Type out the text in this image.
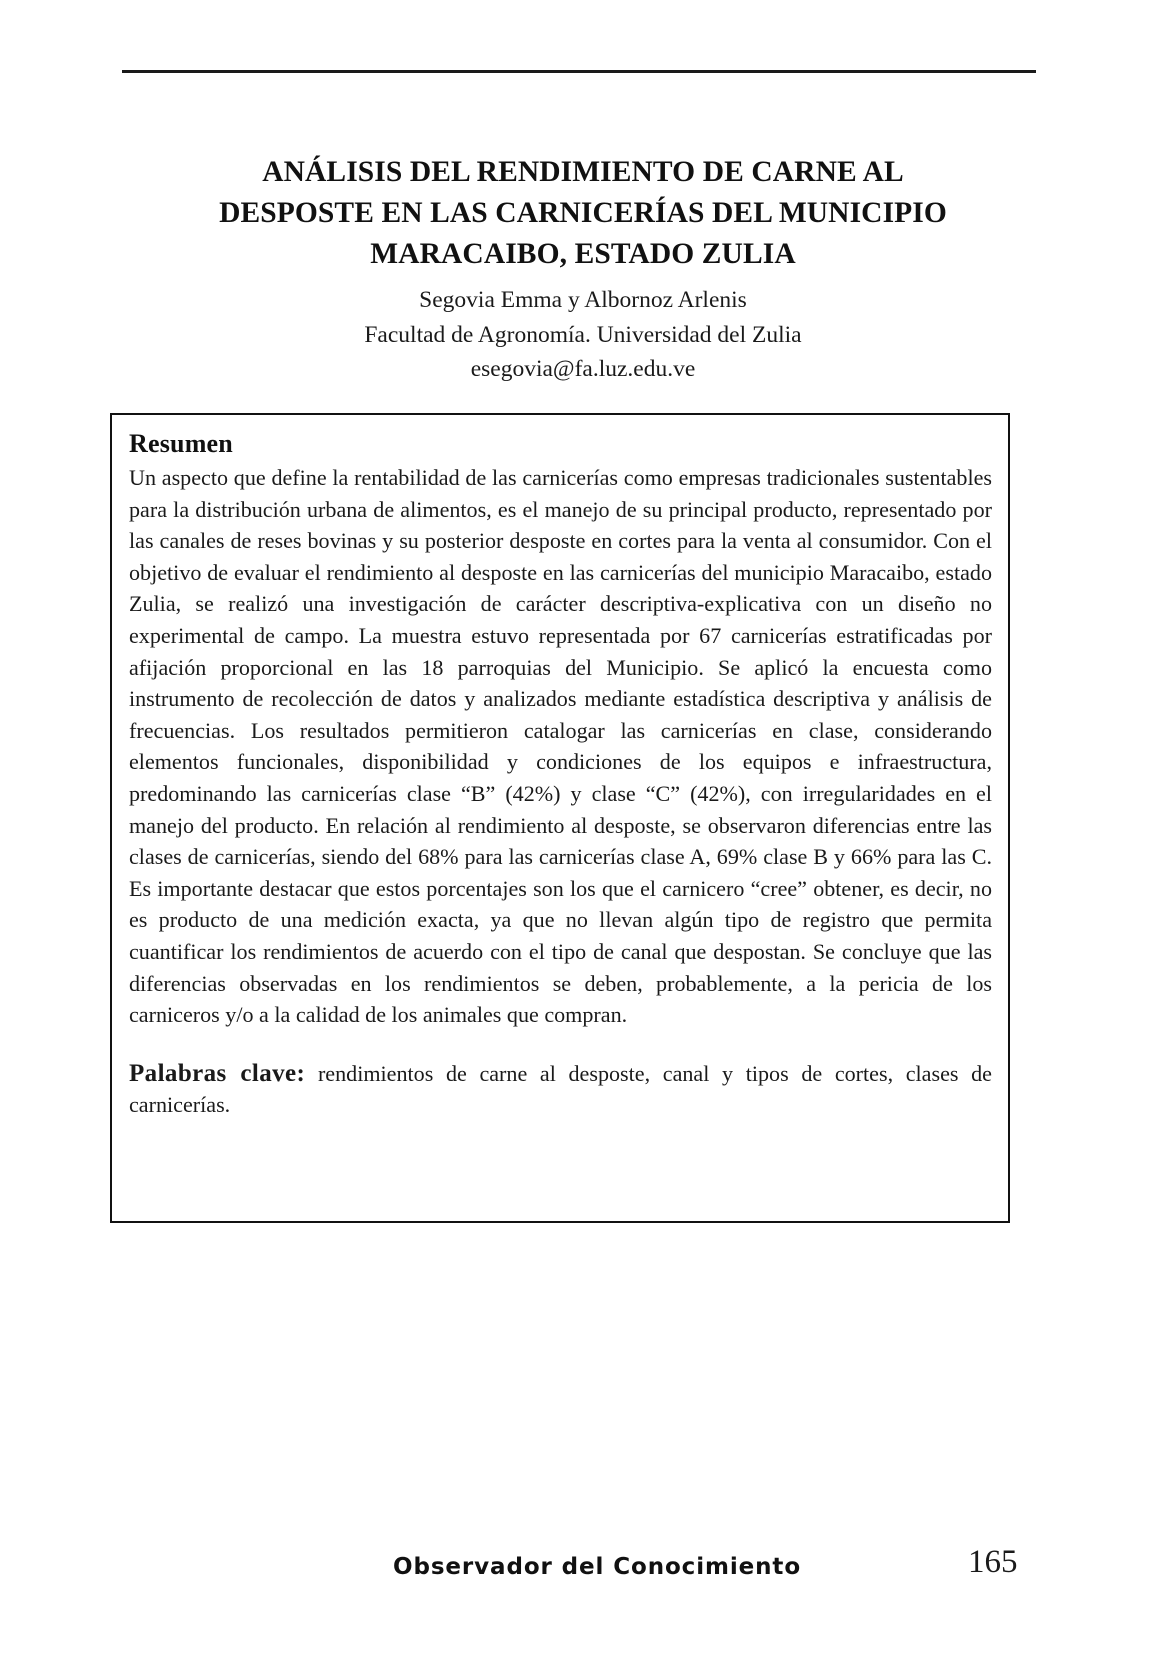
ANÁLISIS DEL RENDIMIENTO DE CARNE AL
DESPOSTE EN LAS CARNICERÍAS DEL MUNICIPIO
MARACAIBO, ESTADO ZULIA
Segovia Emma y Albornoz Arlenis
Facultad de Agronomía. Universidad del Zulia
esegovia@fa.luz.edu.ve
Resumen

Un aspecto que define la rentabilidad de las carnicerías como empresas tradicionales sustentables para la distribución urbana de alimentos, es el manejo de su principal producto, representado por las canales de reses bovinas y su posterior desposte en cortes para la venta al consumidor. Con el objetivo de evaluar el rendimiento al desposte en las carnicerías del municipio Maracaibo, estado Zulia, se realizó una investigación de carácter descriptiva-explicativa con un diseño no experimental de campo. La muestra estuvo representada por 67 carnicerías estratificadas por afijación proporcional en las 18 parroquias del Municipio. Se aplicó la encuesta como instrumento de recolección de datos y analizados mediante estadística descriptiva y análisis de frecuencias. Los resultados permitieron catalogar las carnicerías en clase, considerando elementos funcionales, disponibilidad y condiciones de los equipos e infraestructura, predominando las carnicerías clase “B” (42%) y clase “C” (42%), con irregularidades en el manejo del producto. En relación al rendimiento al desposte, se observaron diferencias entre las clases de carnicerías, siendo del 68% para las carnicerías clase A, 69% clase B y 66% para las C. Es importante destacar que estos porcentajes son los que el carnicero “cree” obtener, es decir, no es producto de una medición exacta, ya que no llevan algún tipo de registro que permita cuantificar los rendimientos de acuerdo con el tipo de canal que despostan. Se concluye que las diferencias observadas en los rendimientos se deben, probablemente, a la pericia de los carniceros y/o a la calidad de los animales que compran.

Palabras clave: rendimientos de carne al desposte, canal y tipos de cortes, clases de carnicerías.

Observador del Conocimiento	165
